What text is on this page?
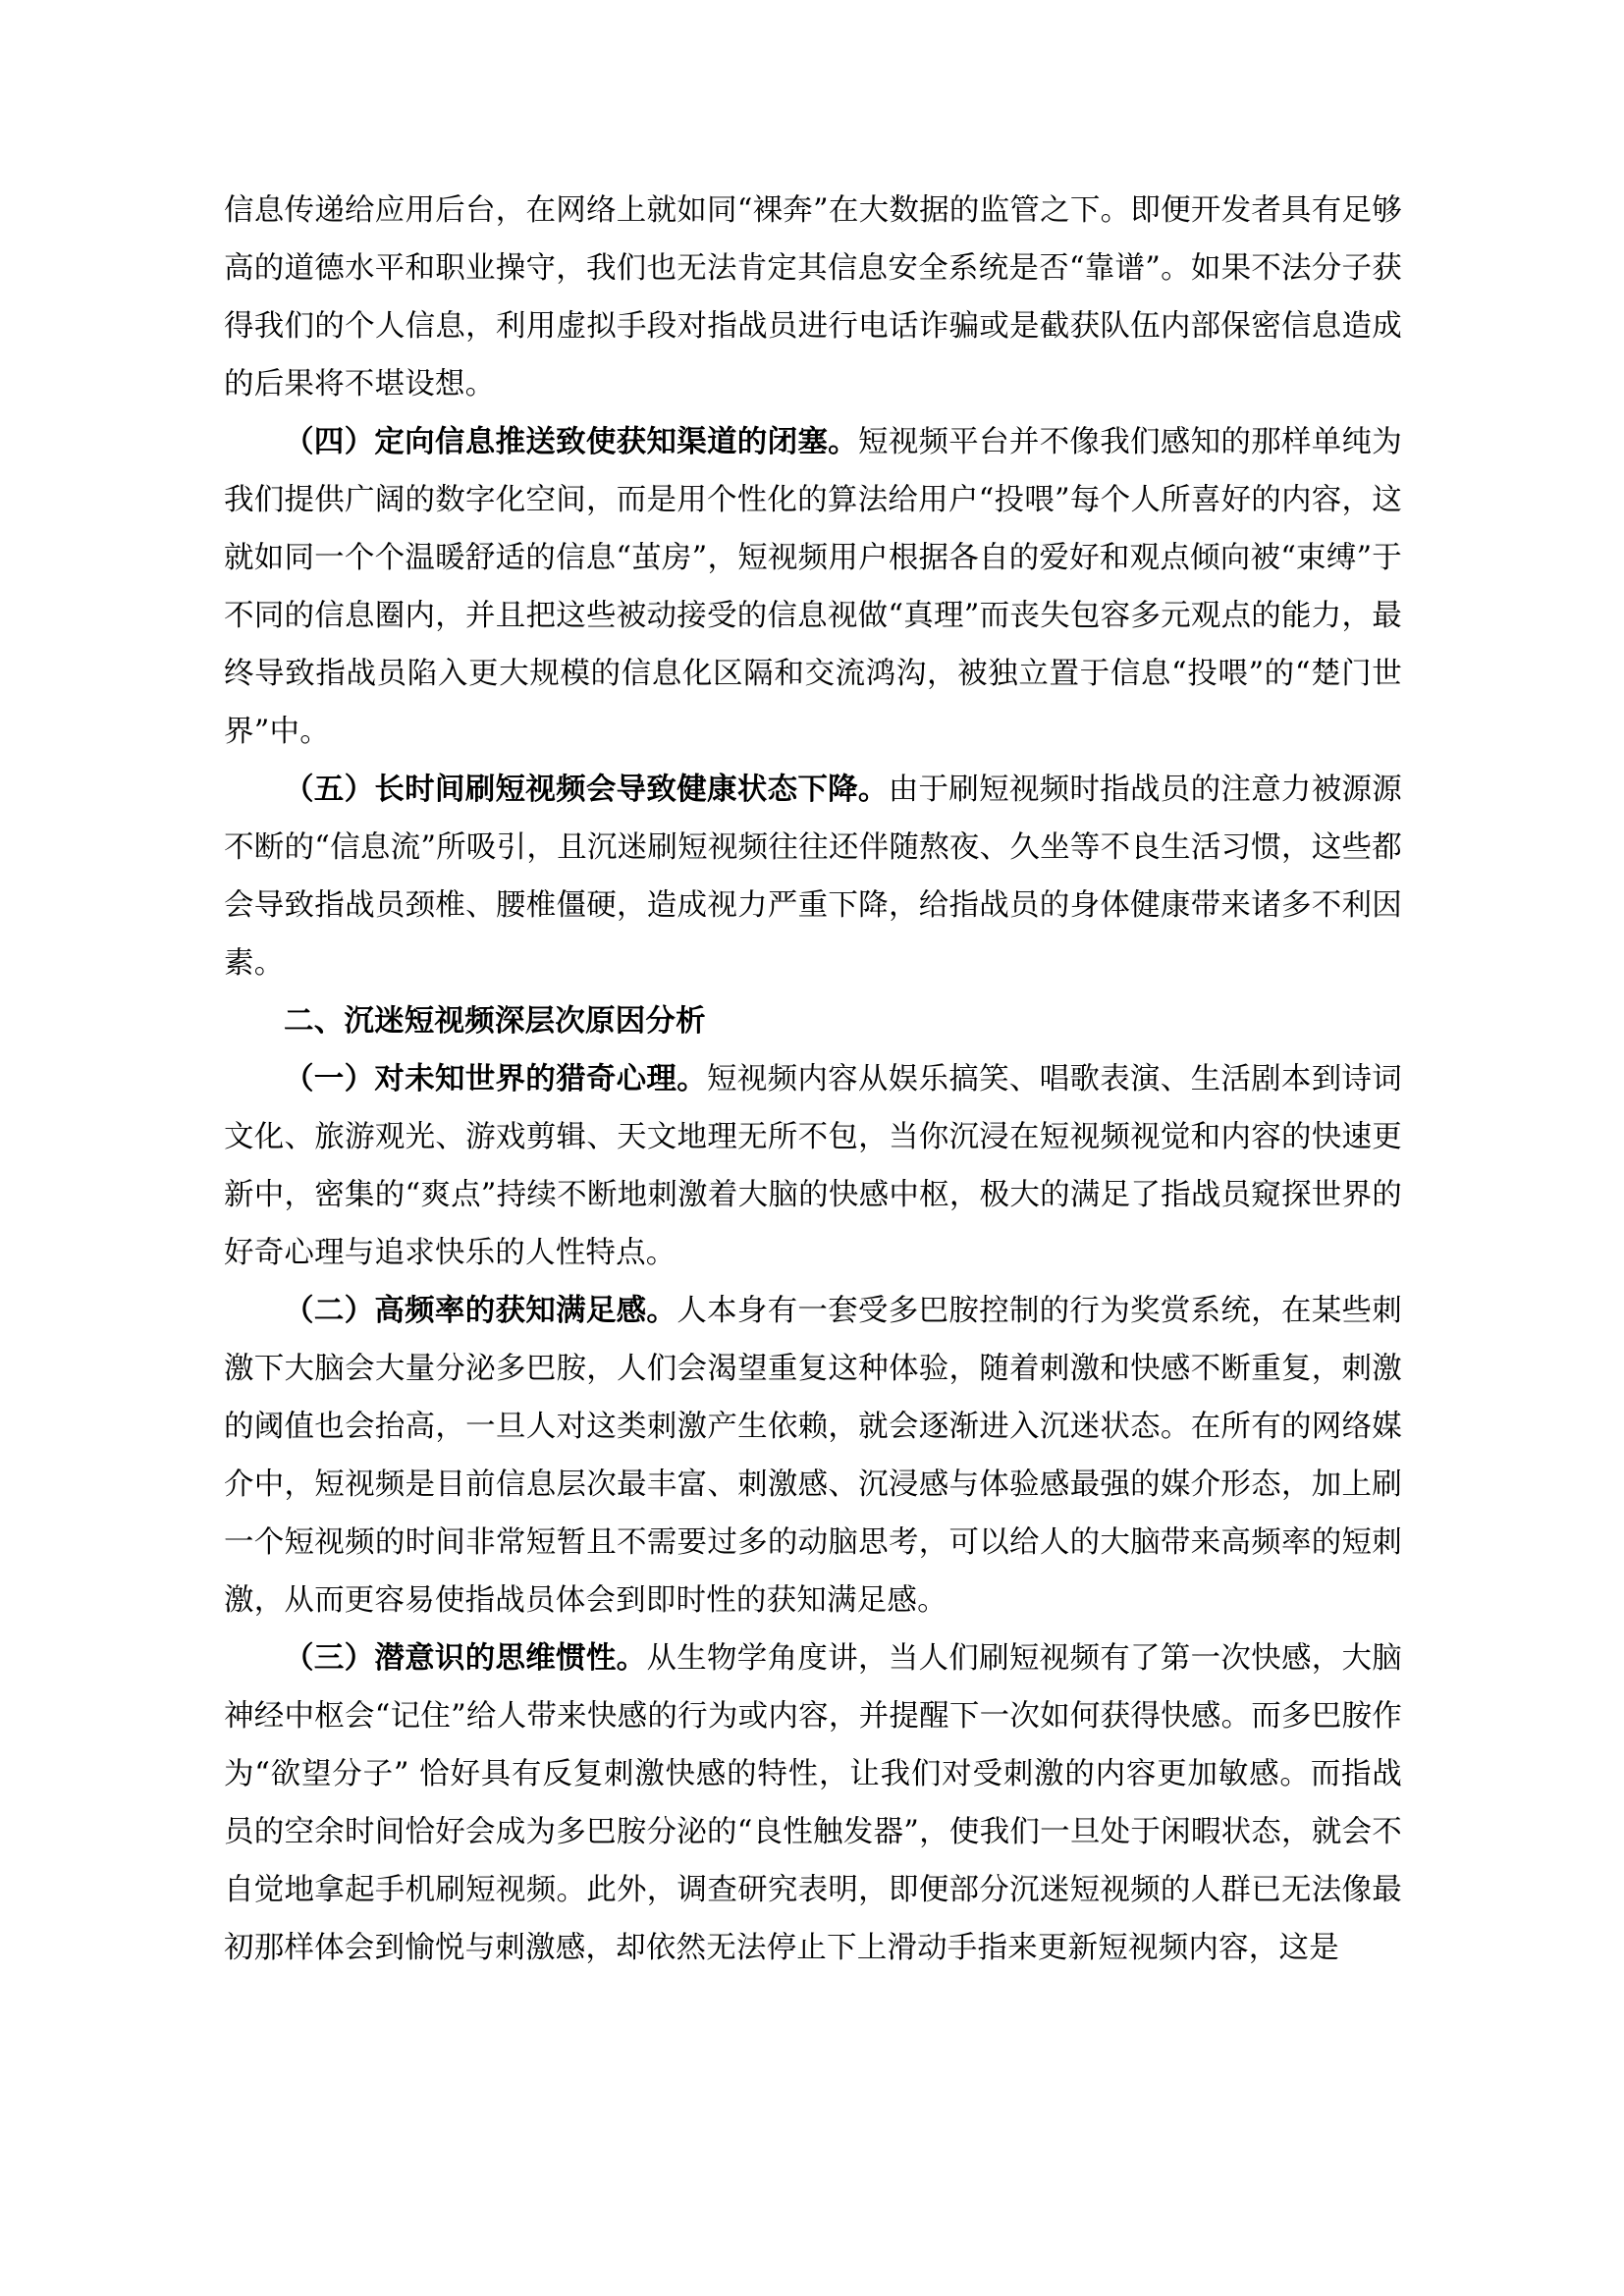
信息传递给应用后台，在网络上就如同“裸奔”在大数据的监管之下。即便开发者具有足够高的道德水平和职业操守，我们也无法肯定其信息安全系统是否“靠谱”。如果不法分子获得我们的个人信息，利用虚拟手段对指战员进行电话诈骗或是截获队伍内部保密信息造成的后果将不堪设想。

（四）定向信息推送致使获知渠道的闭塞。短视频平台并不像我们感知的那样单纯为我们提供广阔的数字化空间，而是用个性化的算法给用户“投喂”每个人所喜好的内容，这就如同一个个温暖舒适的信息“茧房”，短视频用户根据各自的爱好和观点倾向被“束缚”于不同的信息圈内，并且把这些被动接受的信息视做“真理”而丧失包容多元观点的能力，最终导致指战员陷入更大规模的信息化区隔和交流鸿沟，被独立置于信息“投喂”的“楚门世界”中。

（五）长时间刷短视频会导致健康状态下降。由于刷短视频时指战员的注意力被源源不断的“信息流”所吸引，且沉迷刷短视频往往还伴随熬夜、久坐等不良生活习惯，这些都会导致指战员颈椎、腰椎僵硬，造成视力严重下降，给指战员的身体健康带来诸多不利因素。

二、沉迷短视频深层次原因分析

（一）对未知世界的猎奇心理。短视频内容从娱乐搞笑、唱歌表演、生活剧本到诗词文化、旅游观光、游戏剪辑、天文地理无所不包，当你沉浸在短视频视觉和内容的快速更新中，密集的“爽点”持续不断地刺激着大脑的快感中枢，极大的满足了指战员窥探世界的好奇心理与追求快乐的人性特点。

（二）高频率的获知满足感。人本身有一套受多巴胺控制的行为奖赏系统，在某些刺激下大脑会大量分泌多巴胺，人们会渴望重复这种体验，随着刺激和快感不断重复，刺激的阈值也会抬高，一旦人对这类刺激产生依赖，就会逐渐进入沉迷状态。在所有的网络媒介中，短视频是目前信息层次最丰富、刺激感、沉浸感与体验感最强的媒介形态，加上刷一个短视频的时间非常短暂且不需要过多的动脑思考，可以给人的大脑带来高频率的短刺激，从而更容易使指战员体会到即时性的获知满足感。

（三）潜意识的思维惯性。从生物学角度讲，当人们刷短视频有了第一次快感，大脑神经中枢会“记住”给人带来快感的行为或内容，并提醒下一次如何获得快感。而多巴胺作为“欲望分子” 恰好具有反复刺激快感的特性，让我们对受刺激的内容更加敏感。而指战员的空余时间恰好会成为多巴胺分泌的“良性触发器”，使我们一旦处于闲暇状态，就会不自觉地拿起手机刷短视频。此外，调查研究表明，即便部分沉迷短视频的人群已无法像最初那样体会到愉悦与刺激感，却依然无法停止下上滑动手指来更新短视频内容，这是
